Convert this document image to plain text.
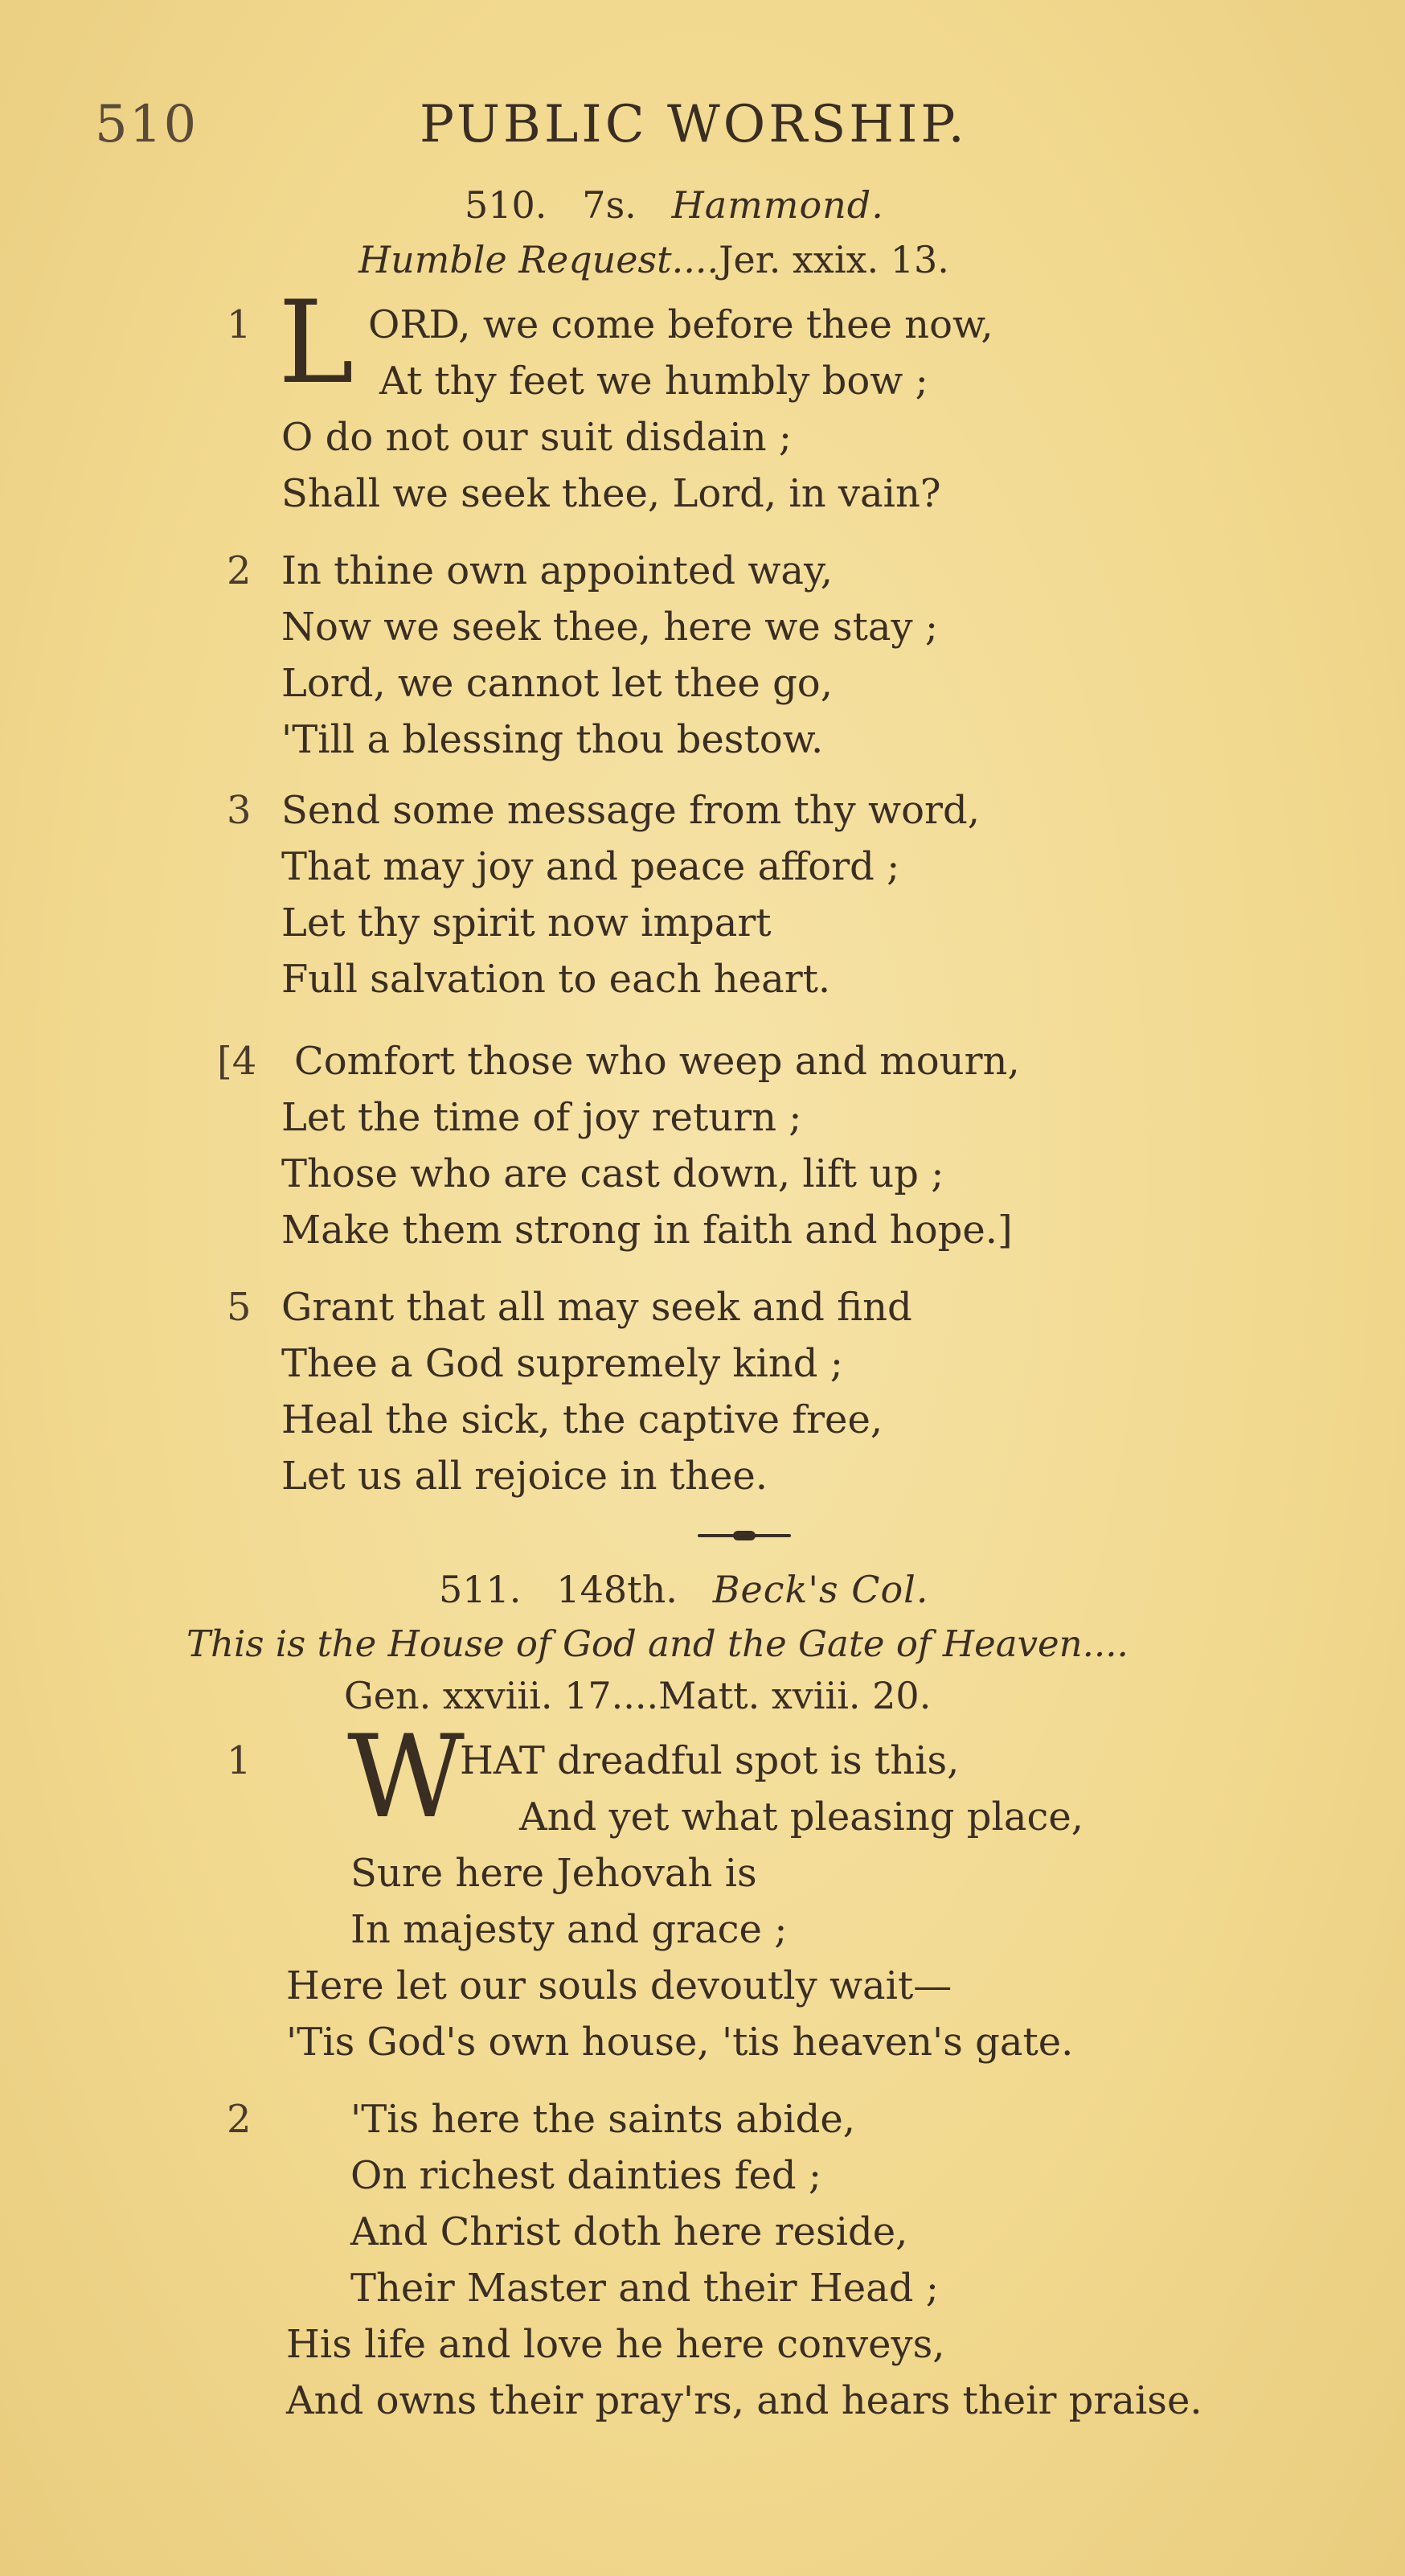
510	PUBLIC WORSHIP.
510. 7s. Hammond.
Humble Request....Jer. xxix. 13.
1 L ORD, we come before thee now,
At thy feet we humbly bow ;
O do not our suit disdain ;
Shall we seek thee, Lord, in vain?
2 In thine own appointed way,
Now we seek thee, here we stay ;
Lord, we cannot let thee go,
'Till a blessing thou bestow.
3 Send some message from thy word,
That may joy and peace afford ;
Let thy spirit now impart
Full salvation to each heart.
[4 Comfort those who weep and mourn,
Let the time of joy return ;
Those who are cast down, lift up ;
Make them strong in faith and hope.]
5 Grant that all may seek and find
Thee a God supremely kind ;
Heal the sick, the captive free,
Let us all rejoice in thee.
511. 148th. Beck's Col.
This is the House of God and the Gate of Heaven....
Gen. xxviii. 17....Matt. xviii. 20.
1 W
HAT dreadful spot is this,
And yet what pleasing place,
Sure here Jehovah is
In majesty and grace ;
Here let our souls devoutly wait—
'Tis God's own house, 'tis heaven's gate.
2	'Tis here the saints abide,
On richest dainties fed ;
And Christ doth here reside,
Their Master and their Head ;
His life and love he here conveys,
And owns their pray'rs, and hears their praise.
